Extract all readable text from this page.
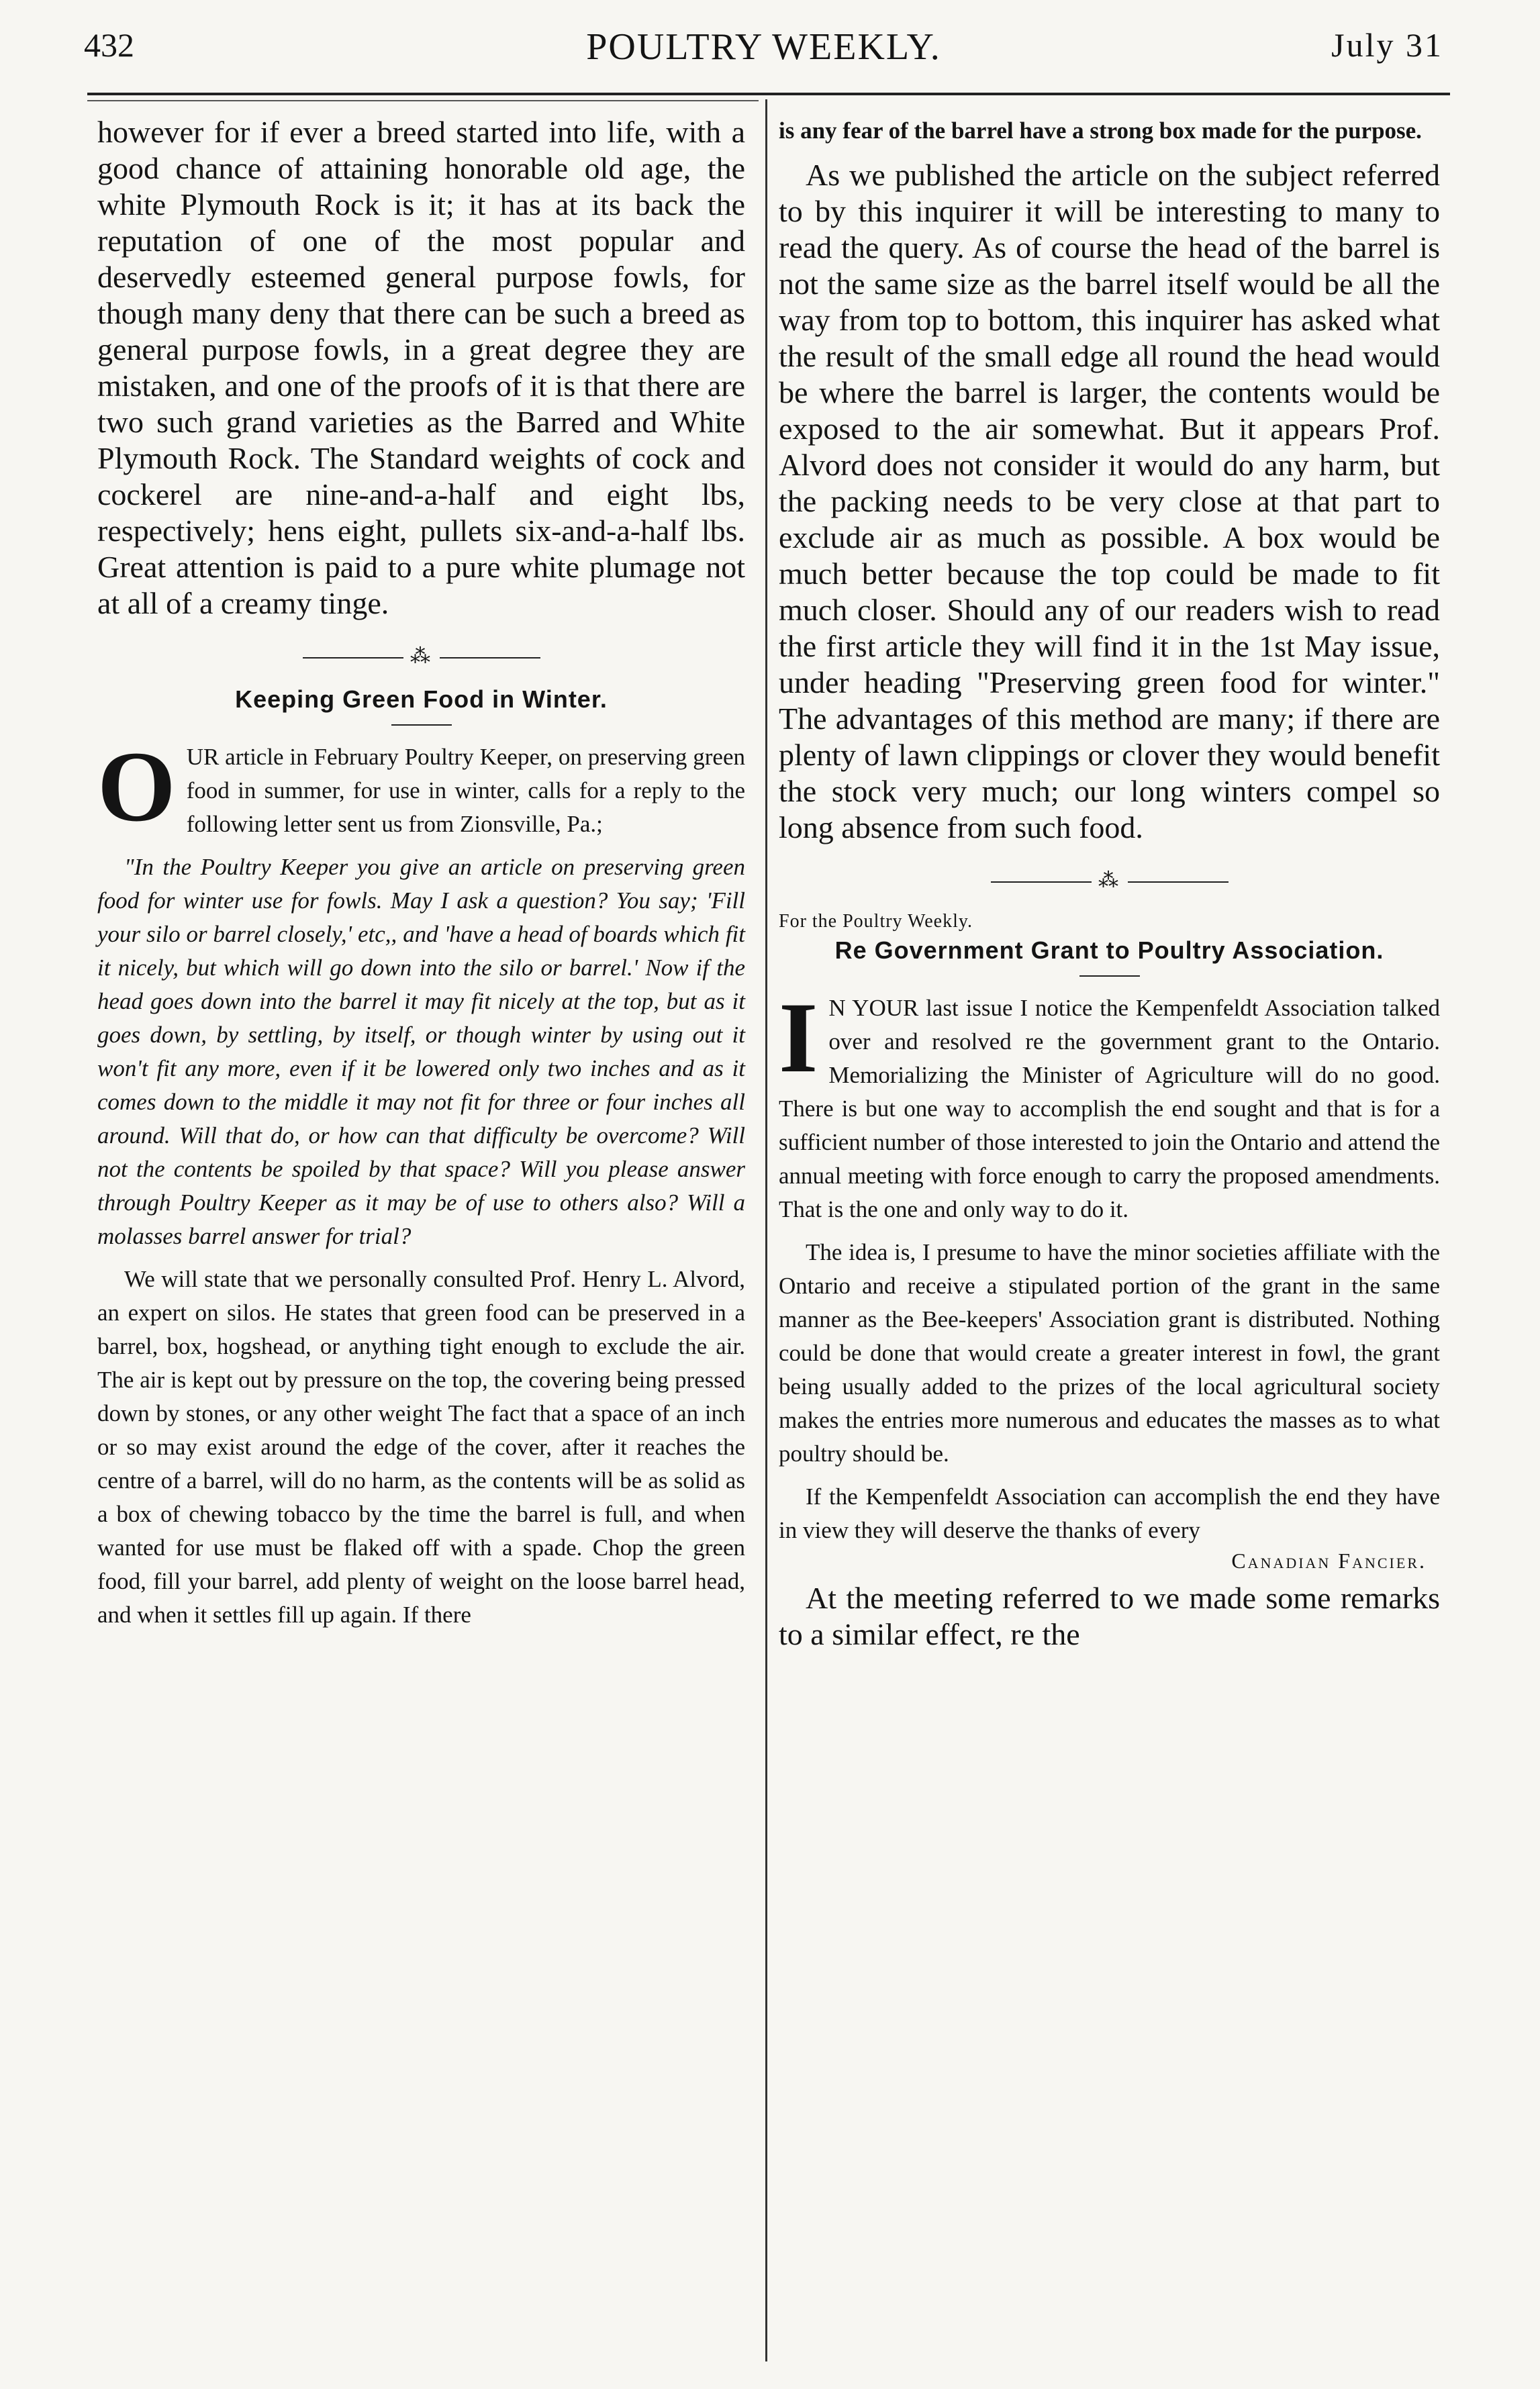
432	POULTRY WEEKLY.	July 31

however for if ever a breed started into life, with a good chance of attaining honorable old age, the white Plymouth Rock is it; it has at its back the reputation of one of the most popular and deservedly esteemed general purpose fowls, for though many deny that there can be such a breed as general purpose fowls, in a great degree they are mistaken, and one of the proofs of it is that there are two such grand varieties as the Barred and White Plymouth Rock. The Standard weights of cock and cockerel are nine-and-a-half and eight lbs, respectively; hens eight, pullets six-and-a-half lbs. Great attention is paid to a pure white plumage not at all of a creamy tinge.

⁂
Keeping Green Food in Winter.

O UR article in February Poultry Keeper, on preserving green food in summer, for use in winter, calls for a reply to the following letter sent us from Zionsville, Pa.;

"In the Poultry Keeper you give an article on preserving green food for winter use for fowls. May I ask a question? You say; 'Fill your silo or barrel closely,' etc,, and 'have a head of boards which fit it nicely, but which will go down into the silo or barrel.' Now if the head goes down into the barrel it may fit nicely at the top, but as it goes down, by settling, by itself, or though winter by using out it won't fit any more, even if it be lowered only two inches and as it comes down to the middle it may not fit for three or four inches all around. Will that do, or how can that difficulty be overcome? Will not the contents be spoiled by that space? Will you please answer through Poultry Keeper as it may be of use to others also? Will a molasses barrel answer for trial?

We will state that we personally consulted Prof. Henry L. Alvord, an expert on silos. He states that green food can be preserved in a barrel, box, hogshead, or anything tight enough to exclude the air. The air is kept out by pressure on the top, the covering being pressed down by stones, or any other weight The fact that a space of an inch or so may exist around the edge of the cover, after it reaches the centre of a barrel, will do no harm, as the contents will be as solid as a box of chewing tobacco by the time the barrel is full, and when wanted for use must be flaked off with a spade. Chop the green food, fill your barrel, add plenty of weight on the loose barrel head, and when it settles fill up again. If there

is any fear of the barrel have a strong box made for the purpose.

As we published the article on the subject referred to by this inquirer it will be interesting to many to read the query. As of course the head of the barrel is not the same size as the barrel itself would be all the way from top to bottom, this inquirer has asked what the result of the small edge all round the head would be where the barrel is larger, the contents would be exposed to the air somewhat. But it appears Prof. Alvord does not consider it would do any harm, but the packing needs to be very close at that part to exclude air as much as possible. A box would be much better because the top could be made to fit much closer. Should any of our readers wish to read the first article they will find it in the 1st May issue, under heading "Preserving green food for winter." The advantages of this method are many; if there are plenty of lawn clippings or clover they would benefit the stock very much; our long winters compel so long absence from such food.

⁂
For the Poultry Weekly.
Re Government Grant to Poultry Association.

I N YOUR last issue I notice the Kempenfeldt Association talked over and resolved re the government grant to the Ontario. Memorializing the Minister of Agriculture will do no good. There is but one way to accomplish the end sought and that is for a sufficient number of those interested to join the Ontario and attend the annual meeting with force enough to carry the proposed amendments. That is the one and only way to do it.

The idea is, I presume to have the minor societies affiliate with the Ontario and receive a stipulated portion of the grant in the same manner as the Bee-keepers' Association grant is distributed. Nothing could be done that would create a greater interest in fowl, the grant being usually added to the prizes of the local agricultural society makes the entries more numerous and educates the masses as to what poultry should be.

If the Kempenfeldt Association can accomplish the end they have in view they will deserve the thanks of every

Canadian Fancier.

At the meeting referred to we made some remarks to a similar effect, re the
